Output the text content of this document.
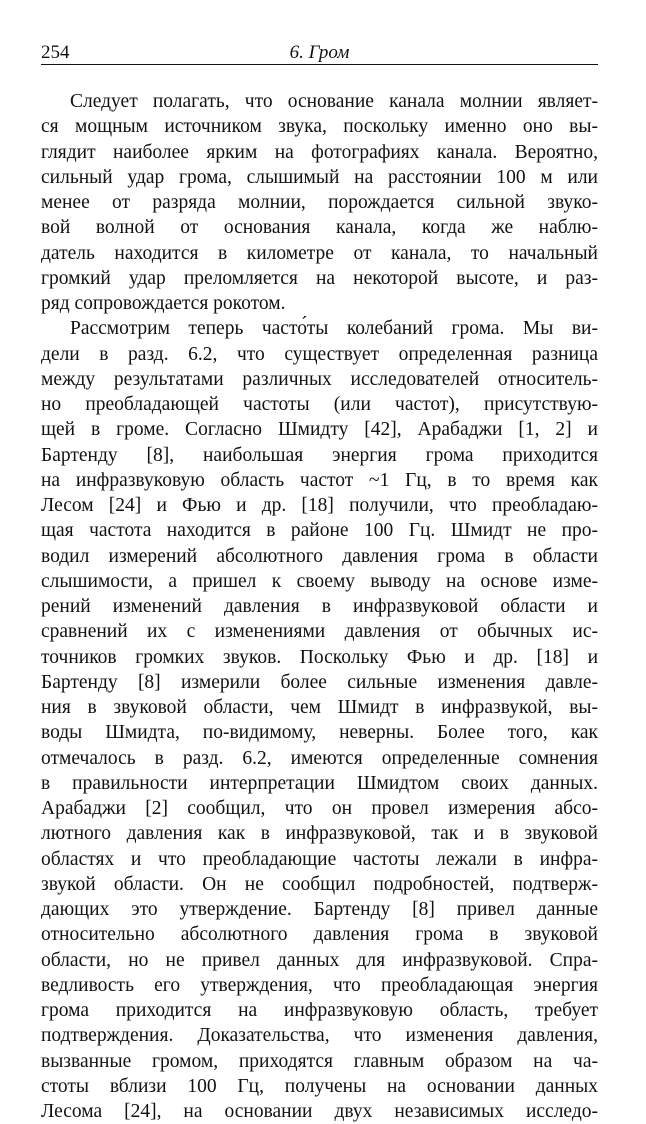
254	6. Гром
Следует полагать, что основание канала молнии являет-
ся мощным источником звука, поскольку именно оно вы-
глядит наиболее ярким на фотографиях канала. Вероятно,
сильный удар грома, слышимый на расстоянии 100 м или
менее от разряда молнии, порождается сильной звуко-
вой волной от основания канала, когда же наблю-
датель находится в километре от канала, то начальный
громкий удар преломляется на некоторой высоте, и раз-
ряд сопровождается рокотом.
Рассмотрим теперь часто́ты колебаний грома. Мы ви-
дели в разд. 6.2, что существует определенная разница
между результатами различных исследователей относитель-
но преобладающей частоты (или частот), присутствую-
щей в громе. Согласно Шмидту [42], Арабаджи [1, 2] и
Бартенду [8], наибольшая энергия грома приходится
на инфразвуковую область частот ~1 Гц, в то время как
Лесом [24] и Фью и др. [18] получили, что преобладаю-
щая частота находится в районе 100 Гц. Шмидт не про-
водил измерений абсолютного давления грома в области
слышимости, а пришел к своему выводу на основе изме-
рений изменений давления в инфразвуковой области и
сравнений их с изменениями давления от обычных ис-
точников громких звуков. Поскольку Фью и др. [18] и
Бартенду [8] измерили более сильные изменения давле-
ния в звуковой области, чем Шмидт в инфразвукой, вы-
воды Шмидта, по-видимому, неверны. Более того, как
отмечалось в разд. 6.2, имеются определенные сомнения
в правильности интерпретации Шмидтом своих данных.
Арабаджи [2] сообщил, что он провел измерения абсо-
лютного давления как в инфразвуковой, так и в звуковой
областях и что преобладающие частоты лежали в инфра-
звукой области. Он не сообщил подробностей, подтверж-
дающих это утверждение. Бартенду [8] привел данные
относительно абсолютного давления грома в звуковой
области, но не привел данных для инфразвуковой. Спра-
ведливость его утверждения, что преобладающая энергия
грома приходится на инфразвуковую область, требует
подтверждения. Доказательства, что изменения давления,
вызванные громом, приходятся главным образом на ча-
стоты вблизи 100 Гц, получены на основании данных
Лесома [24], на основании двух независимых исследо-
